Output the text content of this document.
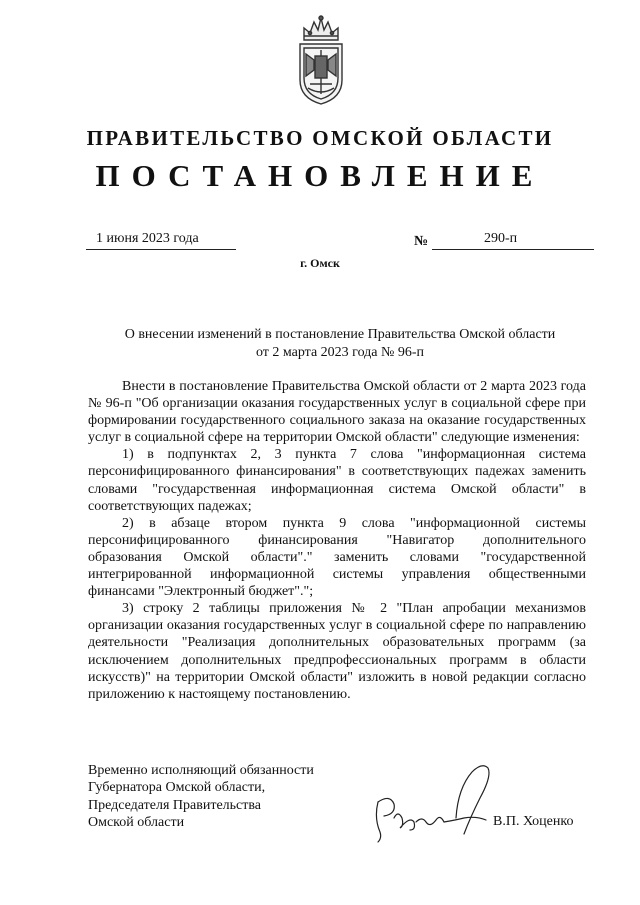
ПРАВИТЕЛЬСТВО ОМСКОЙ ОБЛАСТИ
ПОСТАНОВЛЕНИЕ
1 июня 2023 года	№	290-п
г. Омск
О внесении изменений в постановление Правительства Омской области
от 2 марта 2023 года № 96-п

Внести в постановление Правительства Омской области от 2 марта 2023 года № 96-п "Об организации оказания государственных услуг в социальной сфере при формировании государственного социального заказа на оказание государственных услуг в социальной сфере на территории Омской области" следующие изменения:

1) в подпунктах 2, 3 пункта 7 слова "информационная система персонифицированного финансирования" в соответствующих падежах заменить словами "государственная информационная система Омской области" в соответствующих падежах;

2) в абзаце втором пункта 9 слова "информационной системы персонифицированного финансирования "Навигатор дополнительного образования Омской области"." заменить словами "государственной интегрированной информационной системы управления общественными финансами "Электронный бюджет".";

3) строку 2 таблицы приложения № 2 "План апробации механизмов организации оказания государственных услуг в социальной сфере по направлению деятельности "Реализация дополнительных образовательных программ (за исключением дополнительных предпрофессиональных программ в области искусств)" на территории Омской области" изложить в новой редакции согласно приложению к настоящему постановлению.

Временно исполняющий обязанности
Губернатора Омской области,
Председателя Правительства
Омской области	В.П. Хоценко
